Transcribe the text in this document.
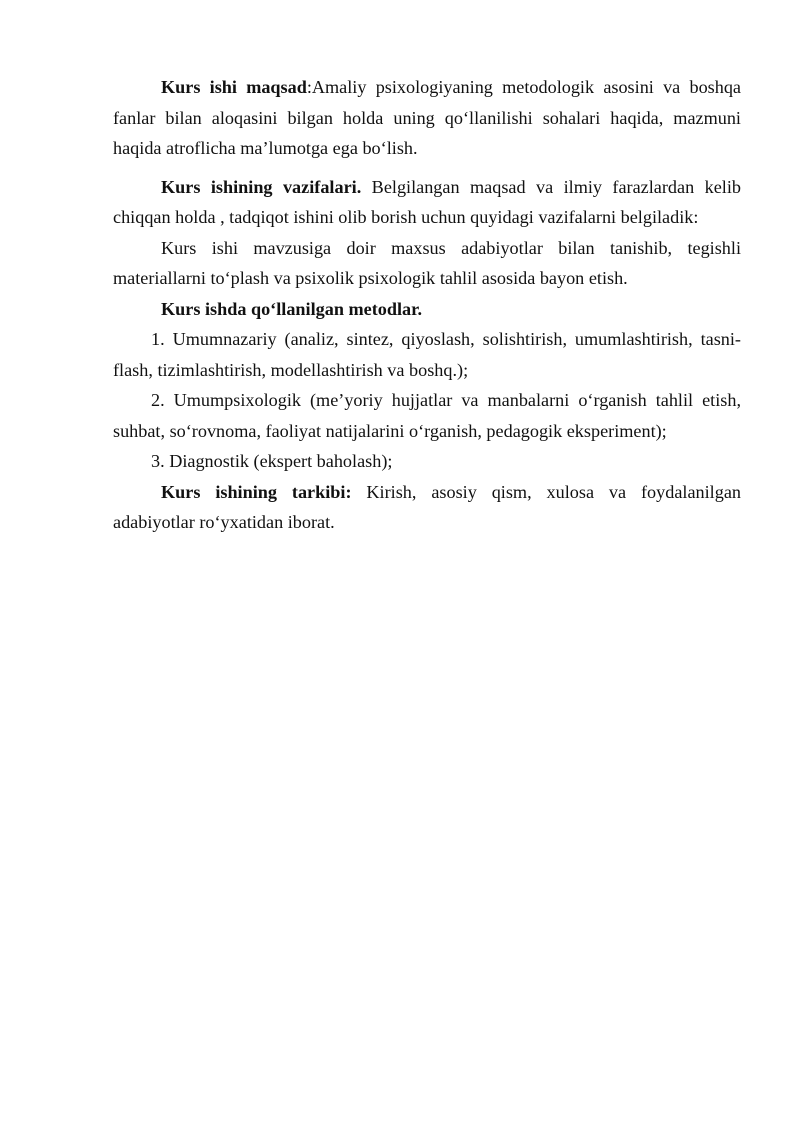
Kurs ishi maqsad:Amaliy psixologiyaning metodologik asosini va boshqa fanlar bilan aloqasini bilgan holda uning qo‘llanilishi sohalari haqida, mazmuni haqida atroflicha ma’lumotga ega bo‘lish.

Kurs ishining vazifalari. Belgilangan maqsad va ilmiy farazlardan kelib chiqqan holda , tadqiqot ishini olib borish uchun quyidagi vazifalarni belgiladik:

Kurs ishi mavzusiga doir maxsus adabiyotlar bilan tanishib, tegishli materiallarni to‘plash va psixolik psixologik tahlil asosida bayon etish.

Kurs ishda qo‘llanilgan metodlar.

1. Umumnazariy (analiz, sintez, qiyoslash, solishtirish, umumlashtirish, tasni-flash, tizimlashtirish, modellashtirish va boshq.);

2. Umumpsixologik (me’yoriy hujjatlar va manbalarni o‘rganish tahlil etish, suhbat, so‘rovnoma, faoliyat natijalarini o‘rganish, pedagogik eksperiment);

3. Diagnostik (ekspert baholash);

Kurs ishining tarkibi: Kirish, asosiy qism, xulosa va foydalanilgan adabiyotlar ro‘yxatidan iborat.
